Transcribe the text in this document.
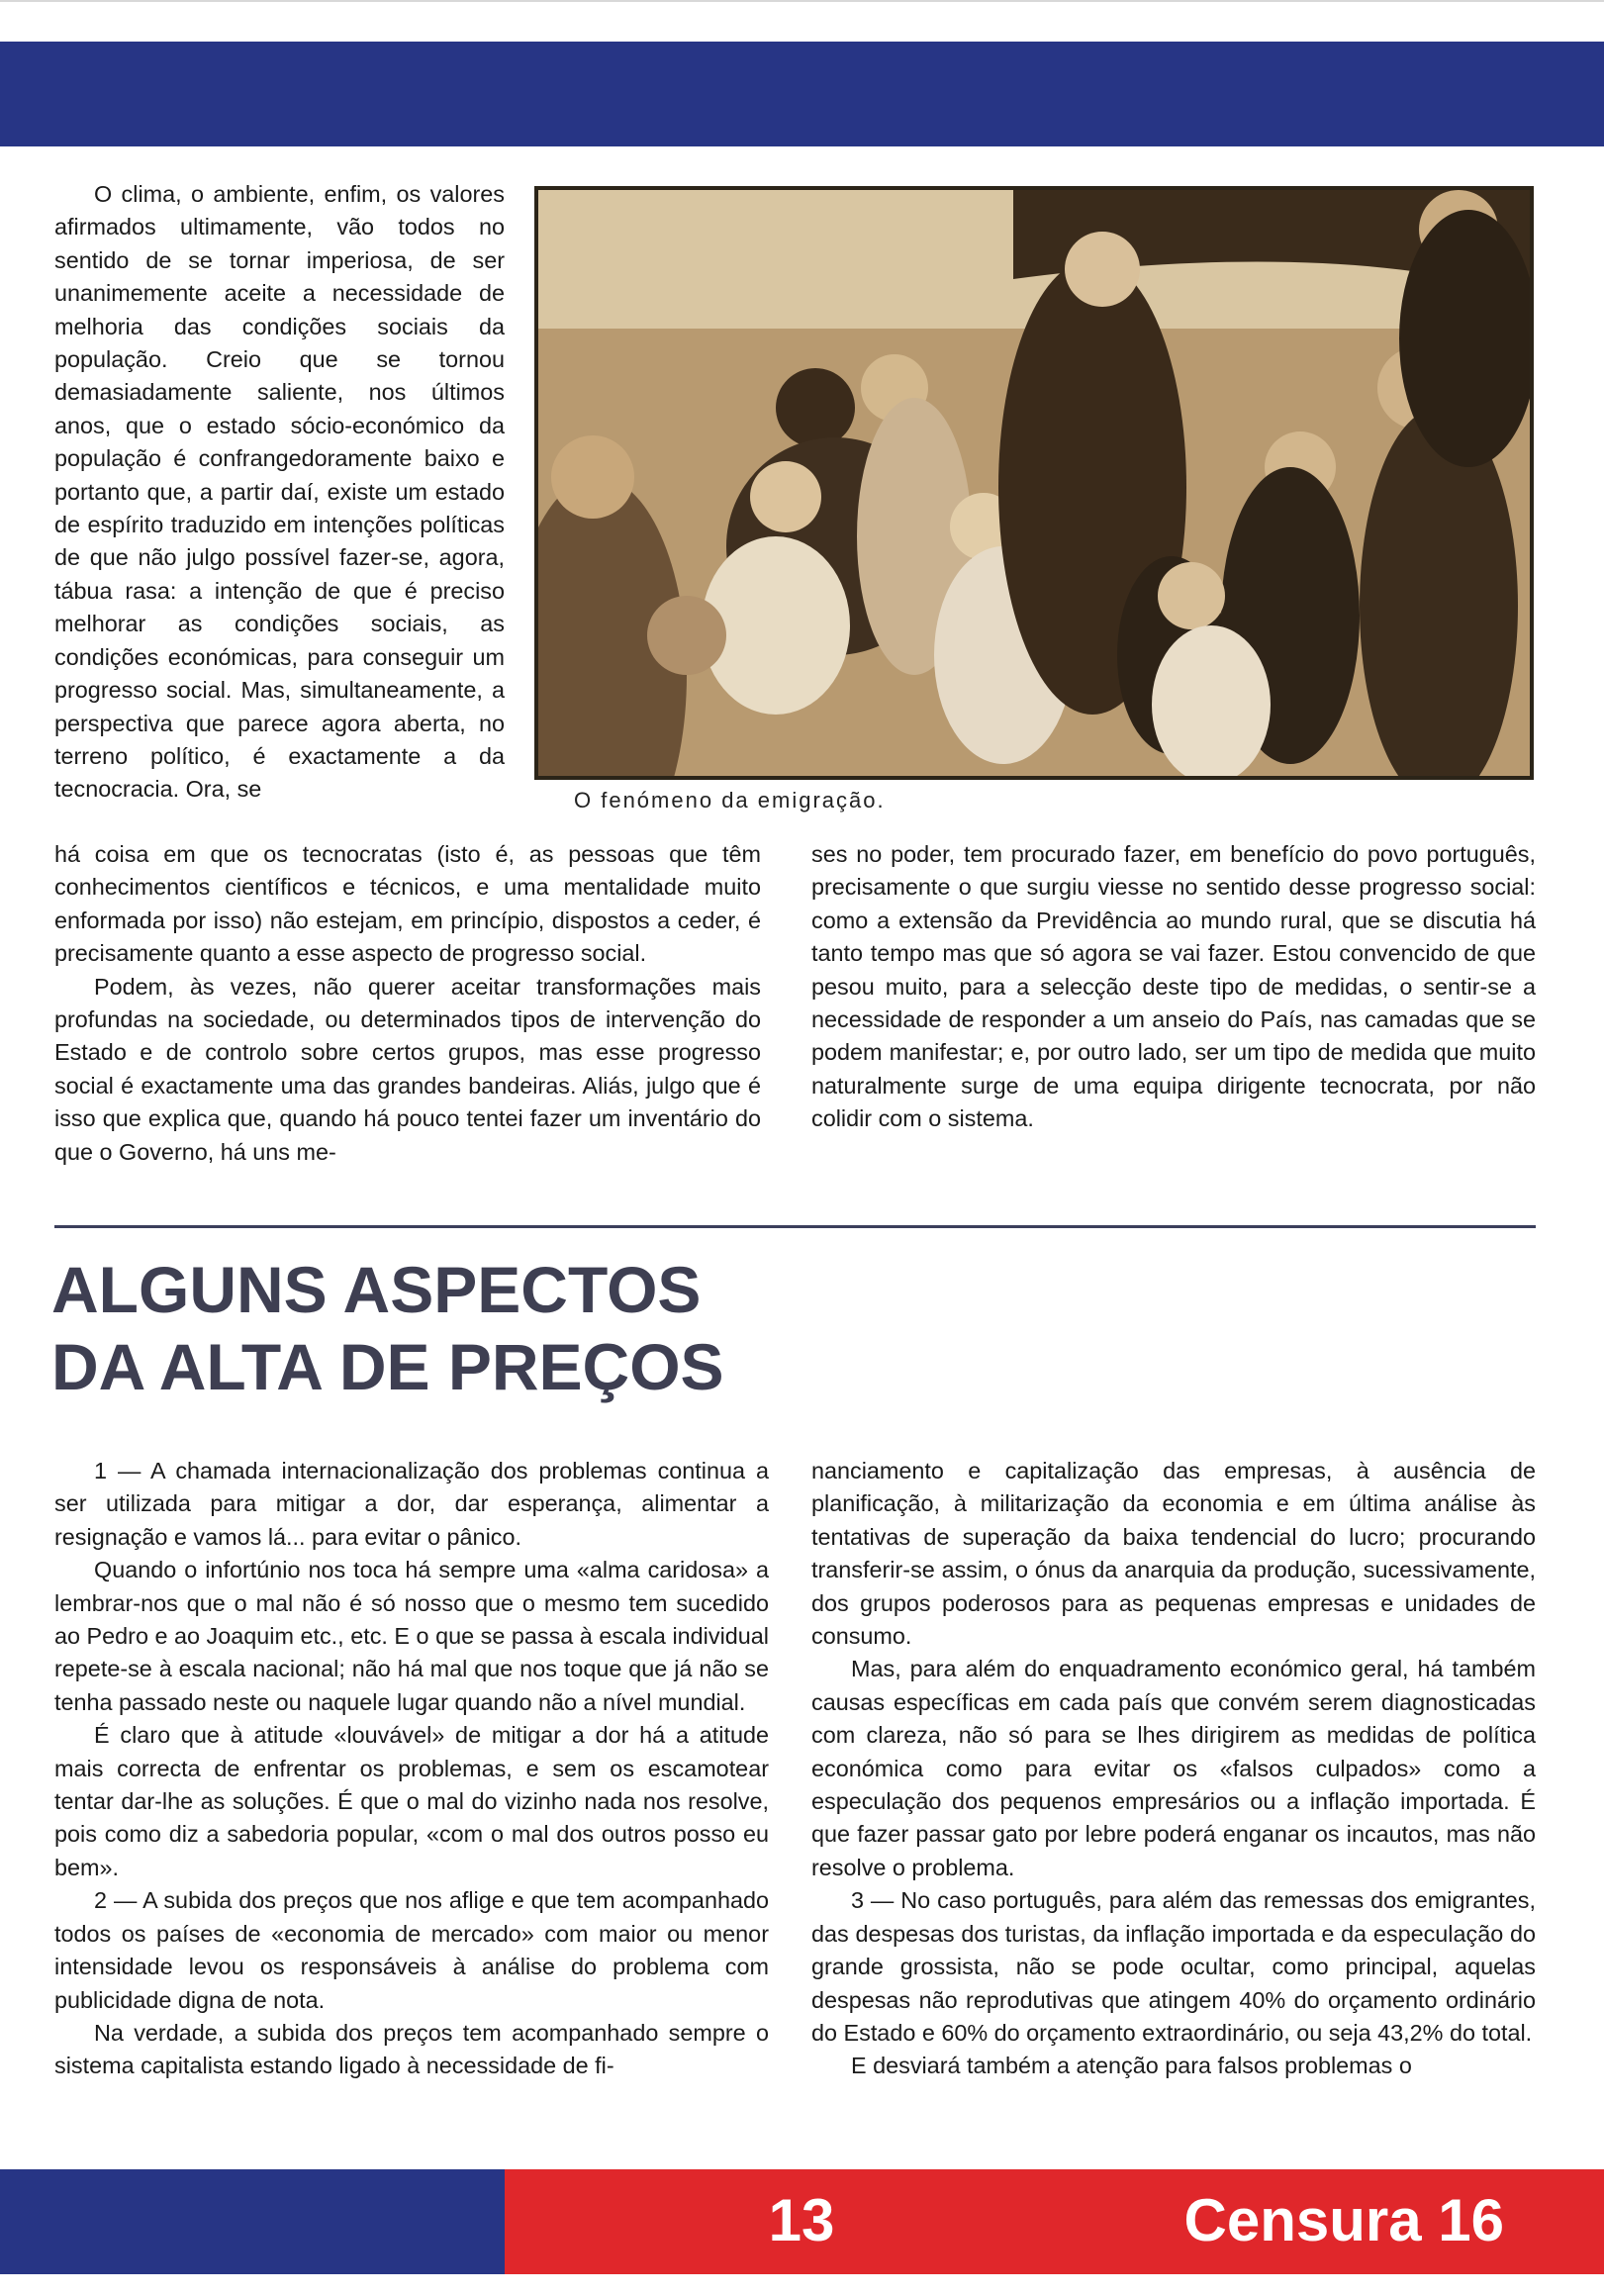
O clima, o ambiente, enfim, os valores afirmados ultimamente, vão todos no sentido de se tornar imperiosa, de ser unanimemente aceite a necessidade de melhoria das condições sociais da população. Creio que se tornou demasiadamente saliente, nos últimos anos, que o estado sócio-económico da população é confrangedoramente baixo e portanto que, a partir daí, existe um estado de espírito traduzido em intenções políticas de que não julgo possível fazer-se, agora, tábua rasa: a intenção de que é preciso melhorar as condições sociais, as condições económicas, para conseguir um progresso social. Mas, simultaneamente, a perspectiva que parece agora aberta, no terreno político, é exactamente a da tecnocracia. Ora, se	O fenómeno da emigração.

há coisa em que os tecnocratas (isto é, as pessoas que têm conhecimentos científicos e técnicos, e uma mentalidade muito enformada por isso) não estejam, em princípio, dispostos a ceder, é precisamente quanto a esse aspecto de progresso social.

Podem, às vezes, não querer aceitar transformações mais profundas na sociedade, ou determinados tipos de intervenção do Estado e de controlo sobre certos grupos, mas esse progresso social é exactamente uma das grandes bandeiras. Aliás, julgo que é isso que explica que, quando há pouco tentei fazer um inventário do que o Governo, há uns me-

ses no poder, tem procurado fazer, em benefício do povo português, precisamente o que surgiu viesse no sentido desse progresso social: como a extensão da Previdência ao mundo rural, que se discutia há tanto tempo mas que só agora se vai fazer. Estou convencido de que pesou muito, para a selecção deste tipo de medidas, o sentir-se a necessidade de responder a um anseio do País, nas camadas que se podem manifestar; e, por outro lado, ser um tipo de medida que muito naturalmente surge de uma equipa dirigente tecnocrata, por não colidir com o sistema.

ALGUNS ASPECTOS
DA ALTA DE PREÇOS

1 — A chamada internacionalização dos problemas continua a ser utilizada para mitigar a dor, dar esperança, alimentar a resignação e vamos lá... para evitar o pânico.

Quando o infortúnio nos toca há sempre uma «alma caridosa» a lembrar-nos que o mal não é só nosso que o mesmo tem sucedido ao Pedro e ao Joaquim etc., etc. E o que se passa à escala individual repete-se à escala nacional; não há mal que nos toque que já não se tenha passado neste ou naquele lugar quando não a nível mundial.

É claro que à atitude «louvável» de mitigar a dor há a atitude mais correcta de enfrentar os problemas, e sem os escamotear tentar dar-lhe as soluções. É que o mal do vizinho nada nos resolve, pois como diz a sabedoria popular, «com o mal dos outros posso eu bem».

2 — A subida dos preços que nos aflige e que tem acompanhado todos os países de «economia de mercado» com maior ou menor intensidade levou os responsáveis à análise do problema com publicidade digna de nota.

Na verdade, a subida dos preços tem acompanhado sempre o sistema capitalista estando ligado à necessidade de fi-

nanciamento e capitalização das empresas, à ausência de planificação, à militarização da economia e em última análise às tentativas de superação da baixa tendencial do lucro; procurando transferir-se assim, o ónus da anarquia da produção, sucessivamente, dos grupos poderosos para as pequenas empresas e unidades de consumo.

Mas, para além do enquadramento económico geral, há também causas específicas em cada país que convém serem diagnosticadas com clareza, não só para se lhes dirigirem as medidas de política económica como para evitar os «falsos culpados» como a especulação dos pequenos empresários ou a inflação importada. É que fazer passar gato por lebre poderá enganar os incautos, mas não resolve o problema.

3 — No caso português, para além das remessas dos emigrantes, das despesas dos turistas, da inflação importada e da especulação do grande grossista, não se pode ocultar, como principal, aquelas despesas não reprodutivas que atingem 40% do orçamento ordinário do Estado e 60% do orçamento extraordinário, ou seja 43,2% do total.

E desviará também a atenção para falsos problemas o

13	Censura 16
